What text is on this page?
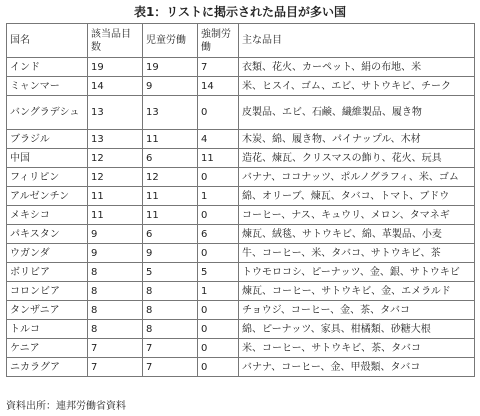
表1：リストに掲示された品目が多い国
国名	該当品目数	児童労働	強制労働	主な品目
インド	19	19	7	衣類、花火、カーペット、絹の布地、米
ミャンマー	14	9	14	米、ヒスイ、ゴム、エビ、サトウキビ、チーク
バングラデシュ	13	13	0	皮製品、エビ、石鹸、繊維製品、履き物
ブラジル	13	11	4	木炭、綿、履き物、パイナップル、木材
中国	12	6	11	造花、煉瓦、クリスマスの飾り、花火、玩具
フィリピン	12	12	0	バナナ、ココナッツ、ポルノグラフィ、米、ゴム
アルゼンチン	11	11	1	綿、オリーブ、煉瓦、タバコ、トマト、ブドウ
メキシコ	11	11	0	コーヒー、ナス、キュウリ、メロン、タマネギ
パキスタン	9	6	6	煉瓦、絨毯、サトウキビ、綿、革製品、小麦
ウガンダ	9	9	0	牛、コーヒー、米、タバコ、サトウキビ、茶
ボリビア	8	5	5	トウモロコシ、ピーナッツ、金、銀、サトウキビ
コロンビア	8	8	1	煉瓦、コーヒー、サトウキビ、金、エメラルド
タンザニア	8	8	0	チョウジ、コーヒー、金、茶、タバコ
トルコ	8	8	0	綿、ピーナッツ、家具、柑橘類、砂糖大根
ケニア	7	7	0	米、コーヒー、サトウキビ、茶、タバコ
ニカラグア	7	7	0	バナナ、コーヒー、金、甲殻類、タバコ
資料出所：連邦労働省資料
